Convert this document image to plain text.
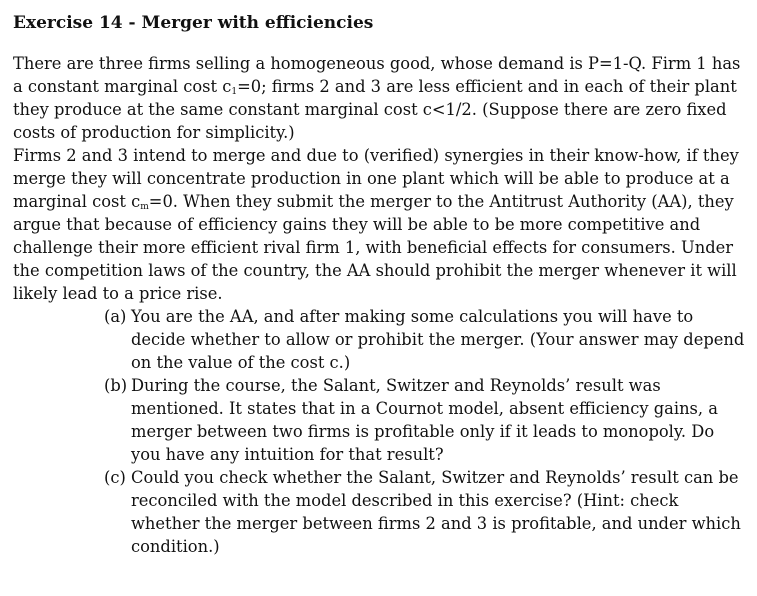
Exercise 14 - Merger with efficiencies

There are three firms selling a homogeneous good, whose demand is P=1-Q. Firm 1 has a constant marginal cost $c_1=0$; firms 2 and 3 are less efficient and in each of their plant they produce at the same constant marginal cost c<1/2. (Suppose there are zero fixed costs of production for simplicity.)

Firms 2 and 3 intend to merge and due to (verified) synergies in their know-how, if they merge they will concentrate production in one plant which will be able to produce at a marginal cost $c_m=0$. When they submit the merger to the Antitrust Authority (AA), they argue that because of efficiency gains they will be able to be more competitive and challenge their more efficient rival firm 1, with beneficial effects for consumers. Under the competition laws of the country, the AA should prohibit the merger whenever it will likely lead to a price rise.

(a) You are the AA, and after making some calculations you will have to decide whether to allow or prohibit the merger. (Your answer may depend on the value of the cost c.)
(b) During the course, the Salant, Switzer and Reynolds’ result was mentioned. It states that in a Cournot model, absent efficiency gains, a merger between two firms is profitable only if it leads to monopoly. Do you have any intuition for that result?
(c) Could you check whether the Salant, Switzer and Reynolds’ result can be reconciled with the model described in this exercise? (Hint: check whether the merger between firms 2 and 3 is profitable, and under which condition.)
